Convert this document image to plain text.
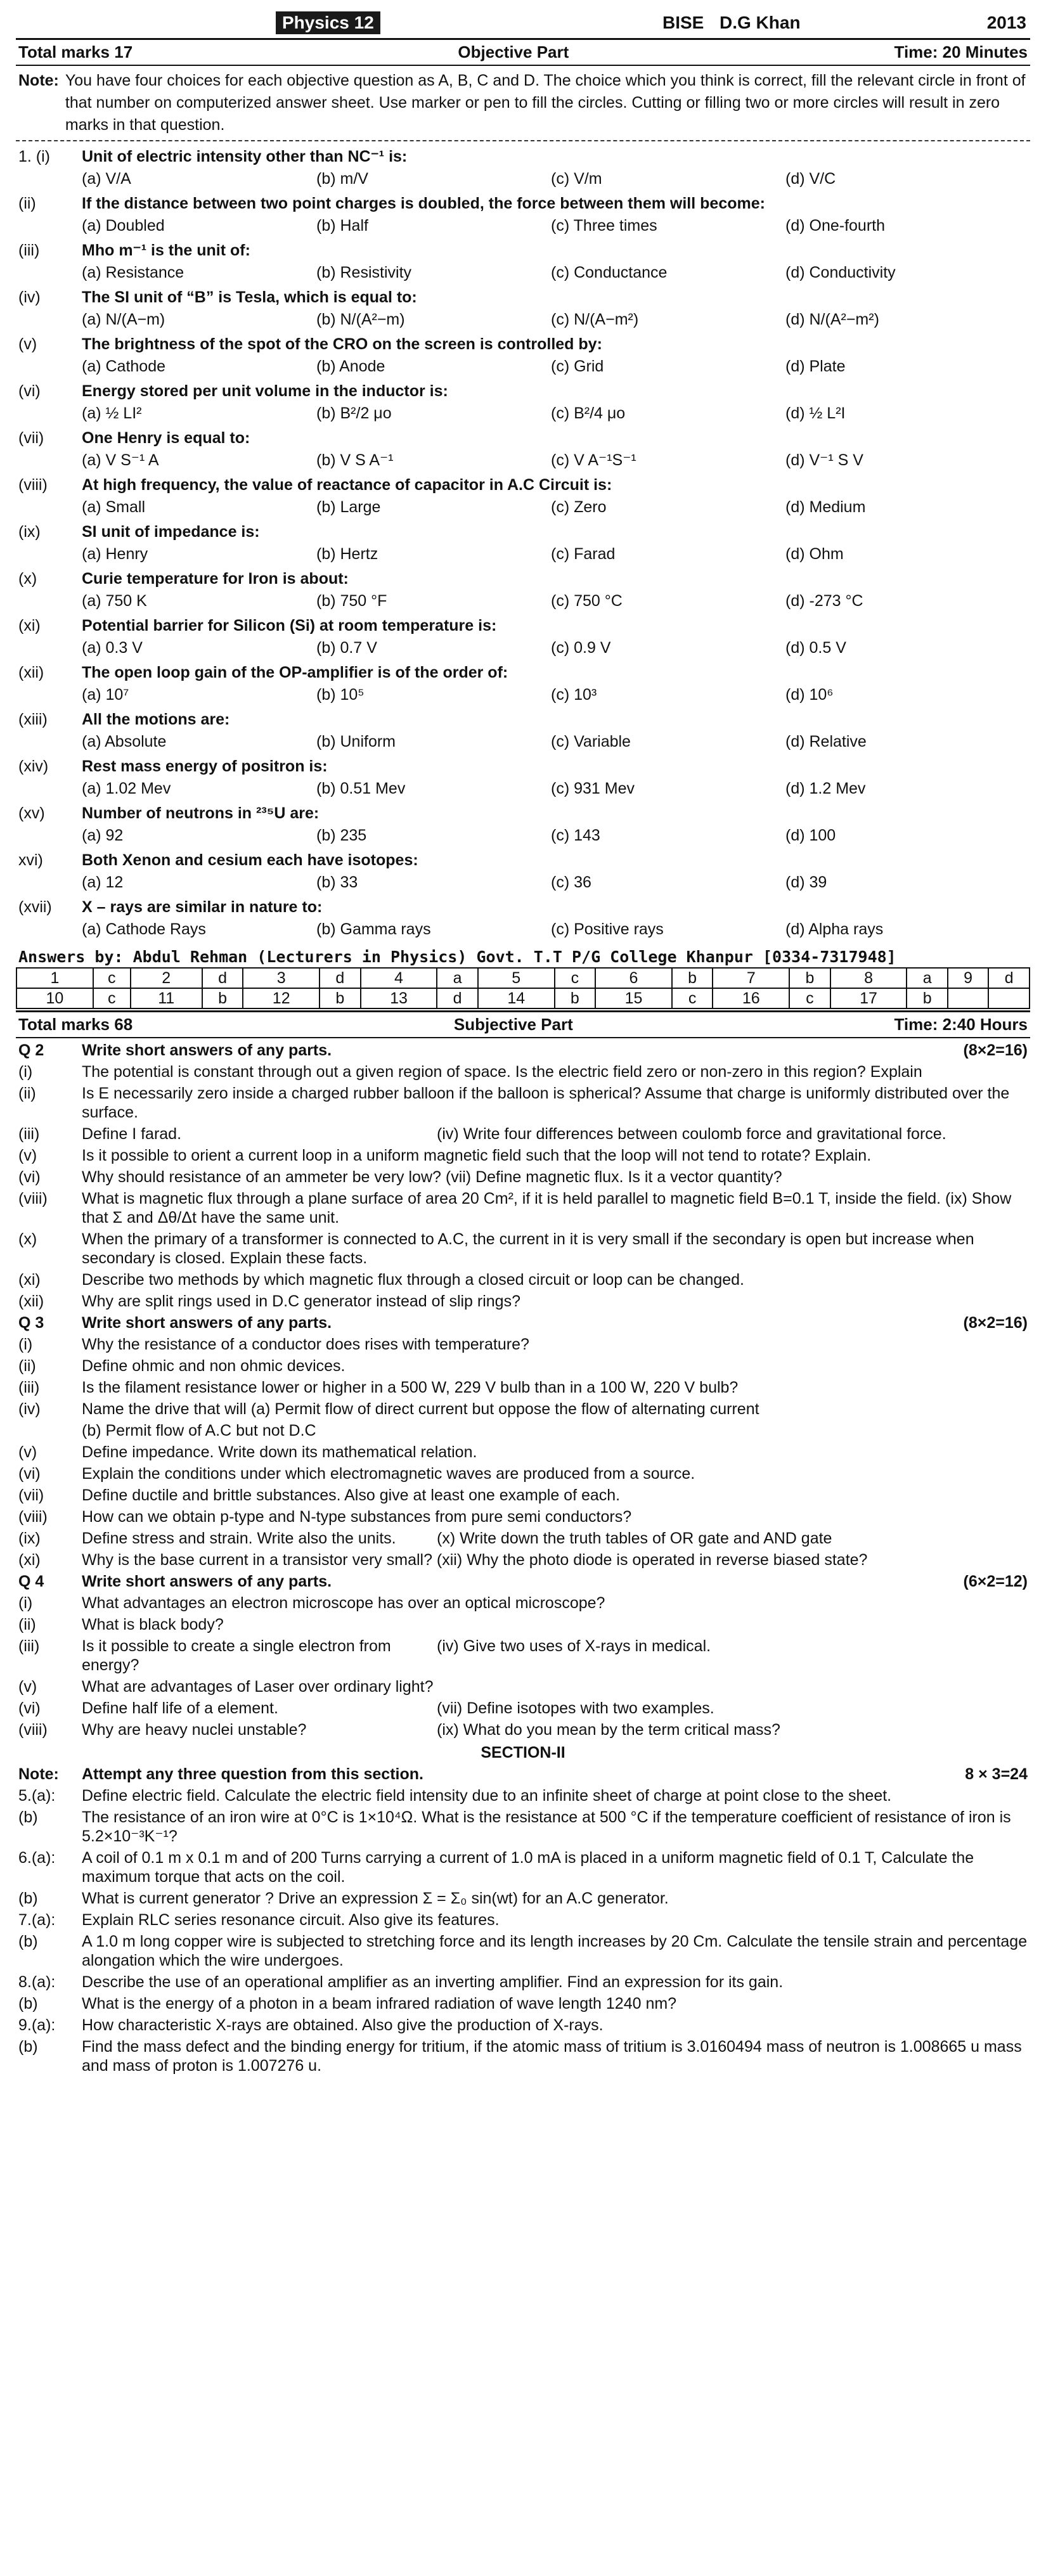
Physics 12	BISE D.G Khan	2013
Total marks 17	Objective Part	Time: 20 Minutes
Note: You have four choices for each objective question as A, B, C and D. The choice which you think is correct, fill the relevant circle in front of that number on computerized answer sheet. Use marker or pen to fill the circles. Cutting or filling two or more circles will result in zero marks in that question.
1. (i)	Unit of electric intensity other than NC⁻¹ is:
(a) V/A	(b) m/V	(c) V/m	(d) V/C
(ii)	If the distance between two point charges is doubled, the force between them will become:
(a) Doubled	(b) Half	(c) Three times	(d) One-fourth
(iii)	Mho m⁻¹ is the unit of:
(a) Resistance	(b) Resistivity	(c) Conductance	(d) Conductivity
(iv)	The SI unit of “B” is Tesla, which is equal to:
(a) N/(A−m)	(b) N/(A²−m)	(c) N/(A−m²)	(d) N/(A²−m²)
(v)	The brightness of the spot of the CRO on the screen is controlled by:
(a) Cathode	(b) Anode	(c) Grid	(d) Plate
(vi)	Energy stored per unit volume in the inductor is:
(a) ½ LI²	(b) B²/2 μo	(c) B²/4 μo	(d) ½ L²I
(vii)	One Henry is equal to:
(a) V S⁻¹ A	(b) V S A⁻¹	(c) V A⁻¹S⁻¹	(d) V⁻¹ S V
(viii)	At high frequency, the value of reactance of capacitor in A.C Circuit is:
(a) Small	(b) Large	(c) Zero	(d) Medium
(ix)	SI unit of impedance is:
(a) Henry	(b) Hertz	(c) Farad	(d) Ohm
(x)	Curie temperature for Iron is about:
(a) 750 K	(b) 750 °F	(c) 750 °C	(d) -273 °C
(xi)	Potential barrier for Silicon (Si) at room temperature is:
(a) 0.3 V	(b) 0.7 V	(c) 0.9 V	(d) 0.5 V
(xii)	The open loop gain of the OP-amplifier is of the order of:
(a) 10⁷	(b) 10⁵	(c) 10³	(d) 10⁶
(xiii)	All the motions are:
(a) Absolute	(b) Uniform	(c) Variable	(d) Relative
(xiv)	Rest mass energy of positron is:
(a) 1.02 Mev	(b) 0.51 Mev	(c) 931 Mev	(d) 1.2 Mev
(xv)	Number of neutrons in ²³⁵U are:
(a) 92	(b) 235	(c) 143	(d) 100
xvi)	Both Xenon and cesium each have isotopes:
(a) 12	(b) 33	(c) 36	(d) 39
(xvii)	X – rays are similar in nature to:
(a) Cathode Rays	(b) Gamma rays	(c) Positive rays	(d) Alpha rays
Answers by: Abdul Rehman (Lecturers in Physics) Govt. T.T P/G College Khanpur [0334-7317948]
1	c	2	d	3	d	4	a	5	c	6	b	7	b	8	a	9	d
10	c	11	b	12	b	13	d	14	b	15	c	16	c	17	b		
Total marks 68	Subjective Part	Time: 2:40 Hours
Q 2	Write short answers of any parts.	(8×2=16)
(i)	The potential is constant through out a given region of space. Is the electric field zero or non-zero in this region? Explain
(ii)	Is E necessarily zero inside a charged rubber balloon if the balloon is spherical? Assume that charge is uniformly distributed over the surface.
(iii)	Define I farad.	(iv) Write four differences between coulomb force and gravitational force.
(v)	Is it possible to orient a current loop in a uniform magnetic field such that the loop will not tend to rotate? Explain.
(vi)	Why should resistance of an ammeter be very low? (vii) Define magnetic flux. Is it a vector quantity?
(viii)	What is magnetic flux through a plane surface of area 20 Cm², if it is held parallel to magnetic field B=0.1 T, inside the field. (ix) Show that Σ and Δθ/Δt have the same unit.
(x)	When the primary of a transformer is connected to A.C, the current in it is very small if the secondary is open but increase when secondary is closed. Explain these facts.
(xi)	Describe two methods by which magnetic flux through a closed circuit or loop can be changed.
(xii)	Why are split rings used in D.C generator instead of slip rings?
Q 3	Write short answers of any parts.	(8×2=16)
(i)	Why the resistance of a conductor does rises with temperature?
(ii)	Define ohmic and non ohmic devices.
(iii)	Is the filament resistance lower or higher in a 500 W, 229 V bulb than in a 100 W, 220 V bulb?
(iv)	Name the drive that will (a) Permit flow of direct current but oppose the flow of alternating current
(b) Permit flow of A.C but not D.C
(v)	Define impedance. Write down its mathematical relation.
(vi)	Explain the conditions under which electromagnetic waves are produced from a source.
(vii)	Define ductile and brittle substances. Also give at least one example of each.
(viii)	How can we obtain p-type and N-type substances from pure semi conductors?
(ix)	Define stress and strain. Write also the units.	(x) Write down the truth tables of OR gate and AND gate
(xi)	Why is the base current in a transistor very small? (xii) Why the photo diode is operated in reverse biased state?
Q 4	Write short answers of any parts.	(6×2=12)
(i)	What advantages an electron microscope has over an optical microscope?
(ii)	What is black body?
(iii)	Is it possible to create a single electron from energy?
(iv) Give two uses of X-rays in medical.
(v)	What are advantages of Laser over ordinary light?
(vi)	Define half life of a element.	(vii) Define isotopes with two examples.
(viii)	Why are heavy nuclei unstable?	(ix) What do you mean by the term critical mass?
SECTION-II
Note:	Attempt any three question from this section.	8 × 3=24
5.(a):	Define electric field. Calculate the electric field intensity due to an infinite sheet of charge at point close to the sheet.
(b)	The resistance of an iron wire at 0°C is 1×10⁴Ω. What is the resistance at 500 °C if the temperature coefficient of resistance of iron is 5.2×10⁻³K⁻¹?
6.(a):	A coil of 0.1 m x 0.1 m and of 200 Turns carrying a current of 1.0 mA is placed in a uniform magnetic field of 0.1 T, Calculate the maximum torque that acts on the coil.
(b)	What is current generator ? Drive an expression Σ = Σ₀ sin(wt) for an A.C generator.
7.(a):	Explain RLC series resonance circuit. Also give its features.
(b)	A 1.0 m long copper wire is subjected to stretching force and its length increases by 20 Cm. Calculate the tensile strain and percentage alongation which the wire undergoes.
8.(a):	Describe the use of an operational amplifier as an inverting amplifier. Find an expression for its gain.
(b)	What is the energy of a photon in a beam infrared radiation of wave length 1240 nm?
9.(a):	How characteristic X-rays are obtained. Also give the production of X-rays.
(b)	Find the mass defect and the binding energy for tritium, if the atomic mass of tritium is 3.0160494 mass of neutron is 1.008665 u mass and mass of proton is 1.007276 u.
